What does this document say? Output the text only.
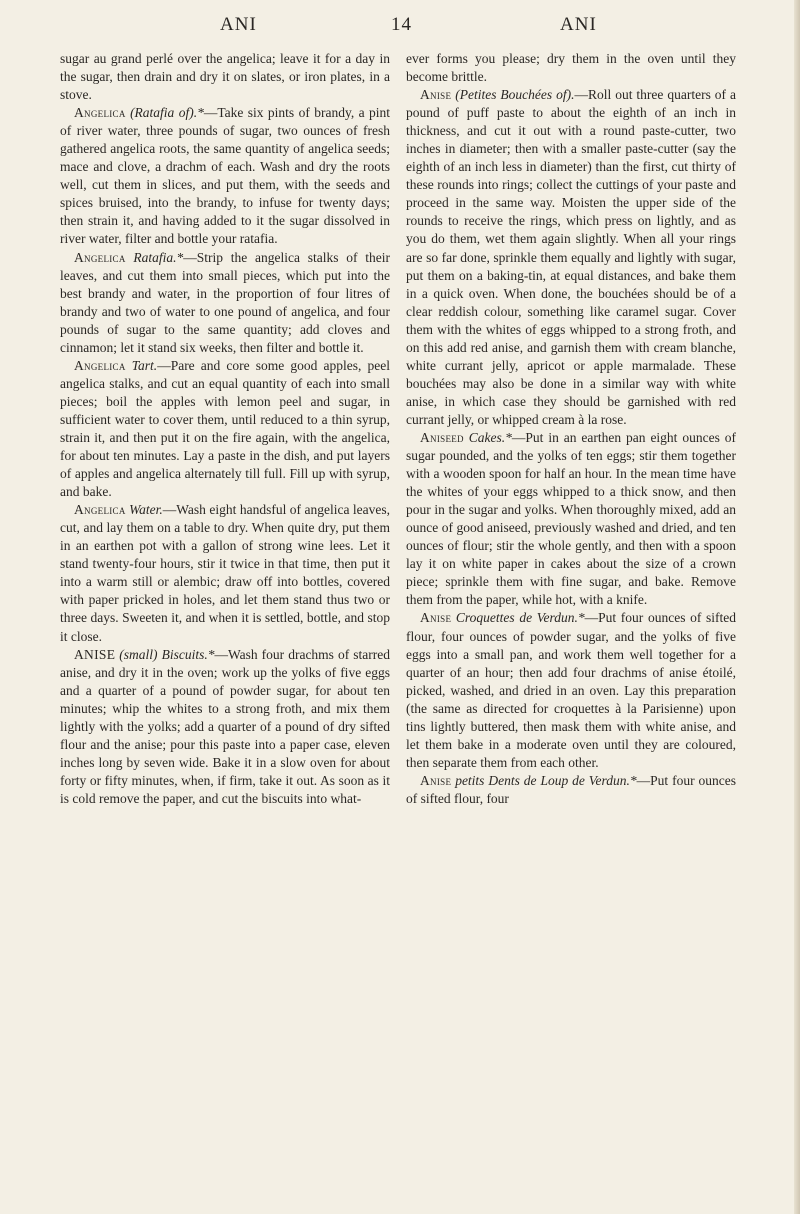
ANI	14	ANI

sugar au grand perlé over the angelica; leave it for a day in the sugar, then drain and dry it on slates, or iron plates, in a stove.

Angelica (Ratafia of).*—Take six pints of brandy, a pint of river water, three pounds of sugar, two ounces of fresh gathered angelica roots, the same quantity of angelica seeds; mace and clove, a drachm of each. Wash and dry the roots well, cut them in slices, and put them, with the seeds and spices bruised, into the brandy, to infuse for twenty days; then strain it, and having added to it the sugar dissolved in river water, filter and bottle your ratafia.

Angelica Ratafia.*—Strip the angelica stalks of their leaves, and cut them into small pieces, which put into the best brandy and water, in the proportion of four litres of brandy and two of water to one pound of angelica, and four pounds of sugar to the same quantity; add cloves and cinnamon; let it stand six weeks, then filter and bottle it.

Angelica Tart.—Pare and core some good apples, peel angelica stalks, and cut an equal quantity of each into small pieces; boil the apples with lemon peel and sugar, in sufficient water to cover them, until reduced to a thin syrup, strain it, and then put it on the fire again, with the angelica, for about ten minutes. Lay a paste in the dish, and put layers of apples and angelica alternately till full. Fill up with syrup, and bake.

Angelica Water.—Wash eight handsful of angelica leaves, cut, and lay them on a table to dry. When quite dry, put them in an earthen pot with a gallon of strong wine lees. Let it stand twenty-four hours, stir it twice in that time, then put it into a warm still or alembic; draw off into bottles, covered with paper pricked in holes, and let them stand thus two or three days. Sweeten it, and when it is settled, bottle, and stop it close.

ANISE (small) Biscuits.*—Wash four drachms of starred anise, and dry it in the oven; work up the yolks of five eggs and a quarter of a pound of powder sugar, for about ten minutes; whip the whites to a strong froth, and mix them lightly with the yolks; add a quarter of a pound of dry sifted flour and the anise; pour this paste into a paper case, eleven inches long by seven wide. Bake it in a slow oven for about forty or fifty minutes, when, if firm, take it out. As soon as it is cold remove the paper, and cut the biscuits into what-

ever forms you please; dry them in the oven until they become brittle.

Anise (Petites Bouchées of).—Roll out three quarters of a pound of puff paste to about the eighth of an inch in thickness, and cut it out with a round paste-cutter, two inches in diameter; then with a smaller paste-cutter (say the eighth of an inch less in diameter) than the first, cut thirty of these rounds into rings; collect the cuttings of your paste and proceed in the same way. Moisten the upper side of the rounds to receive the rings, which press on lightly, and as you do them, wet them again slightly. When all your rings are so far done, sprinkle them equally and lightly with sugar, put them on a baking-tin, at equal distances, and bake them in a quick oven. When done, the bouchées should be of a clear reddish colour, something like caramel sugar. Cover them with the whites of eggs whipped to a strong froth, and on this add red anise, and garnish them with cream blanche, white currant jelly, apricot or apple marmalade. These bouchées may also be done in a similar way with white anise, in which case they should be garnished with red currant jelly, or whipped cream à la rose.

Aniseed Cakes.*—Put in an earthen pan eight ounces of sugar pounded, and the yolks of ten eggs; stir them together with a wooden spoon for half an hour. In the mean time have the whites of your eggs whipped to a thick snow, and then pour in the sugar and yolks. When thoroughly mixed, add an ounce of good aniseed, previously washed and dried, and ten ounces of flour; stir the whole gently, and then with a spoon lay it on white paper in cakes about the size of a crown piece; sprinkle them with fine sugar, and bake. Remove them from the paper, while hot, with a knife.

Anise Croquettes de Verdun.*—Put four ounces of sifted flour, four ounces of powder sugar, and the yolks of five eggs into a small pan, and work them well together for a quarter of an hour; then add four drachms of anise étoilé, picked, washed, and dried in an oven. Lay this preparation (the same as directed for croquettes à la Parisienne) upon tins lightly buttered, then mask them with white anise, and let them bake in a moderate oven until they are coloured, then separate them from each other.

Anise petits Dents de Loup de Verdun.*—Put four ounces of sifted flour, four
